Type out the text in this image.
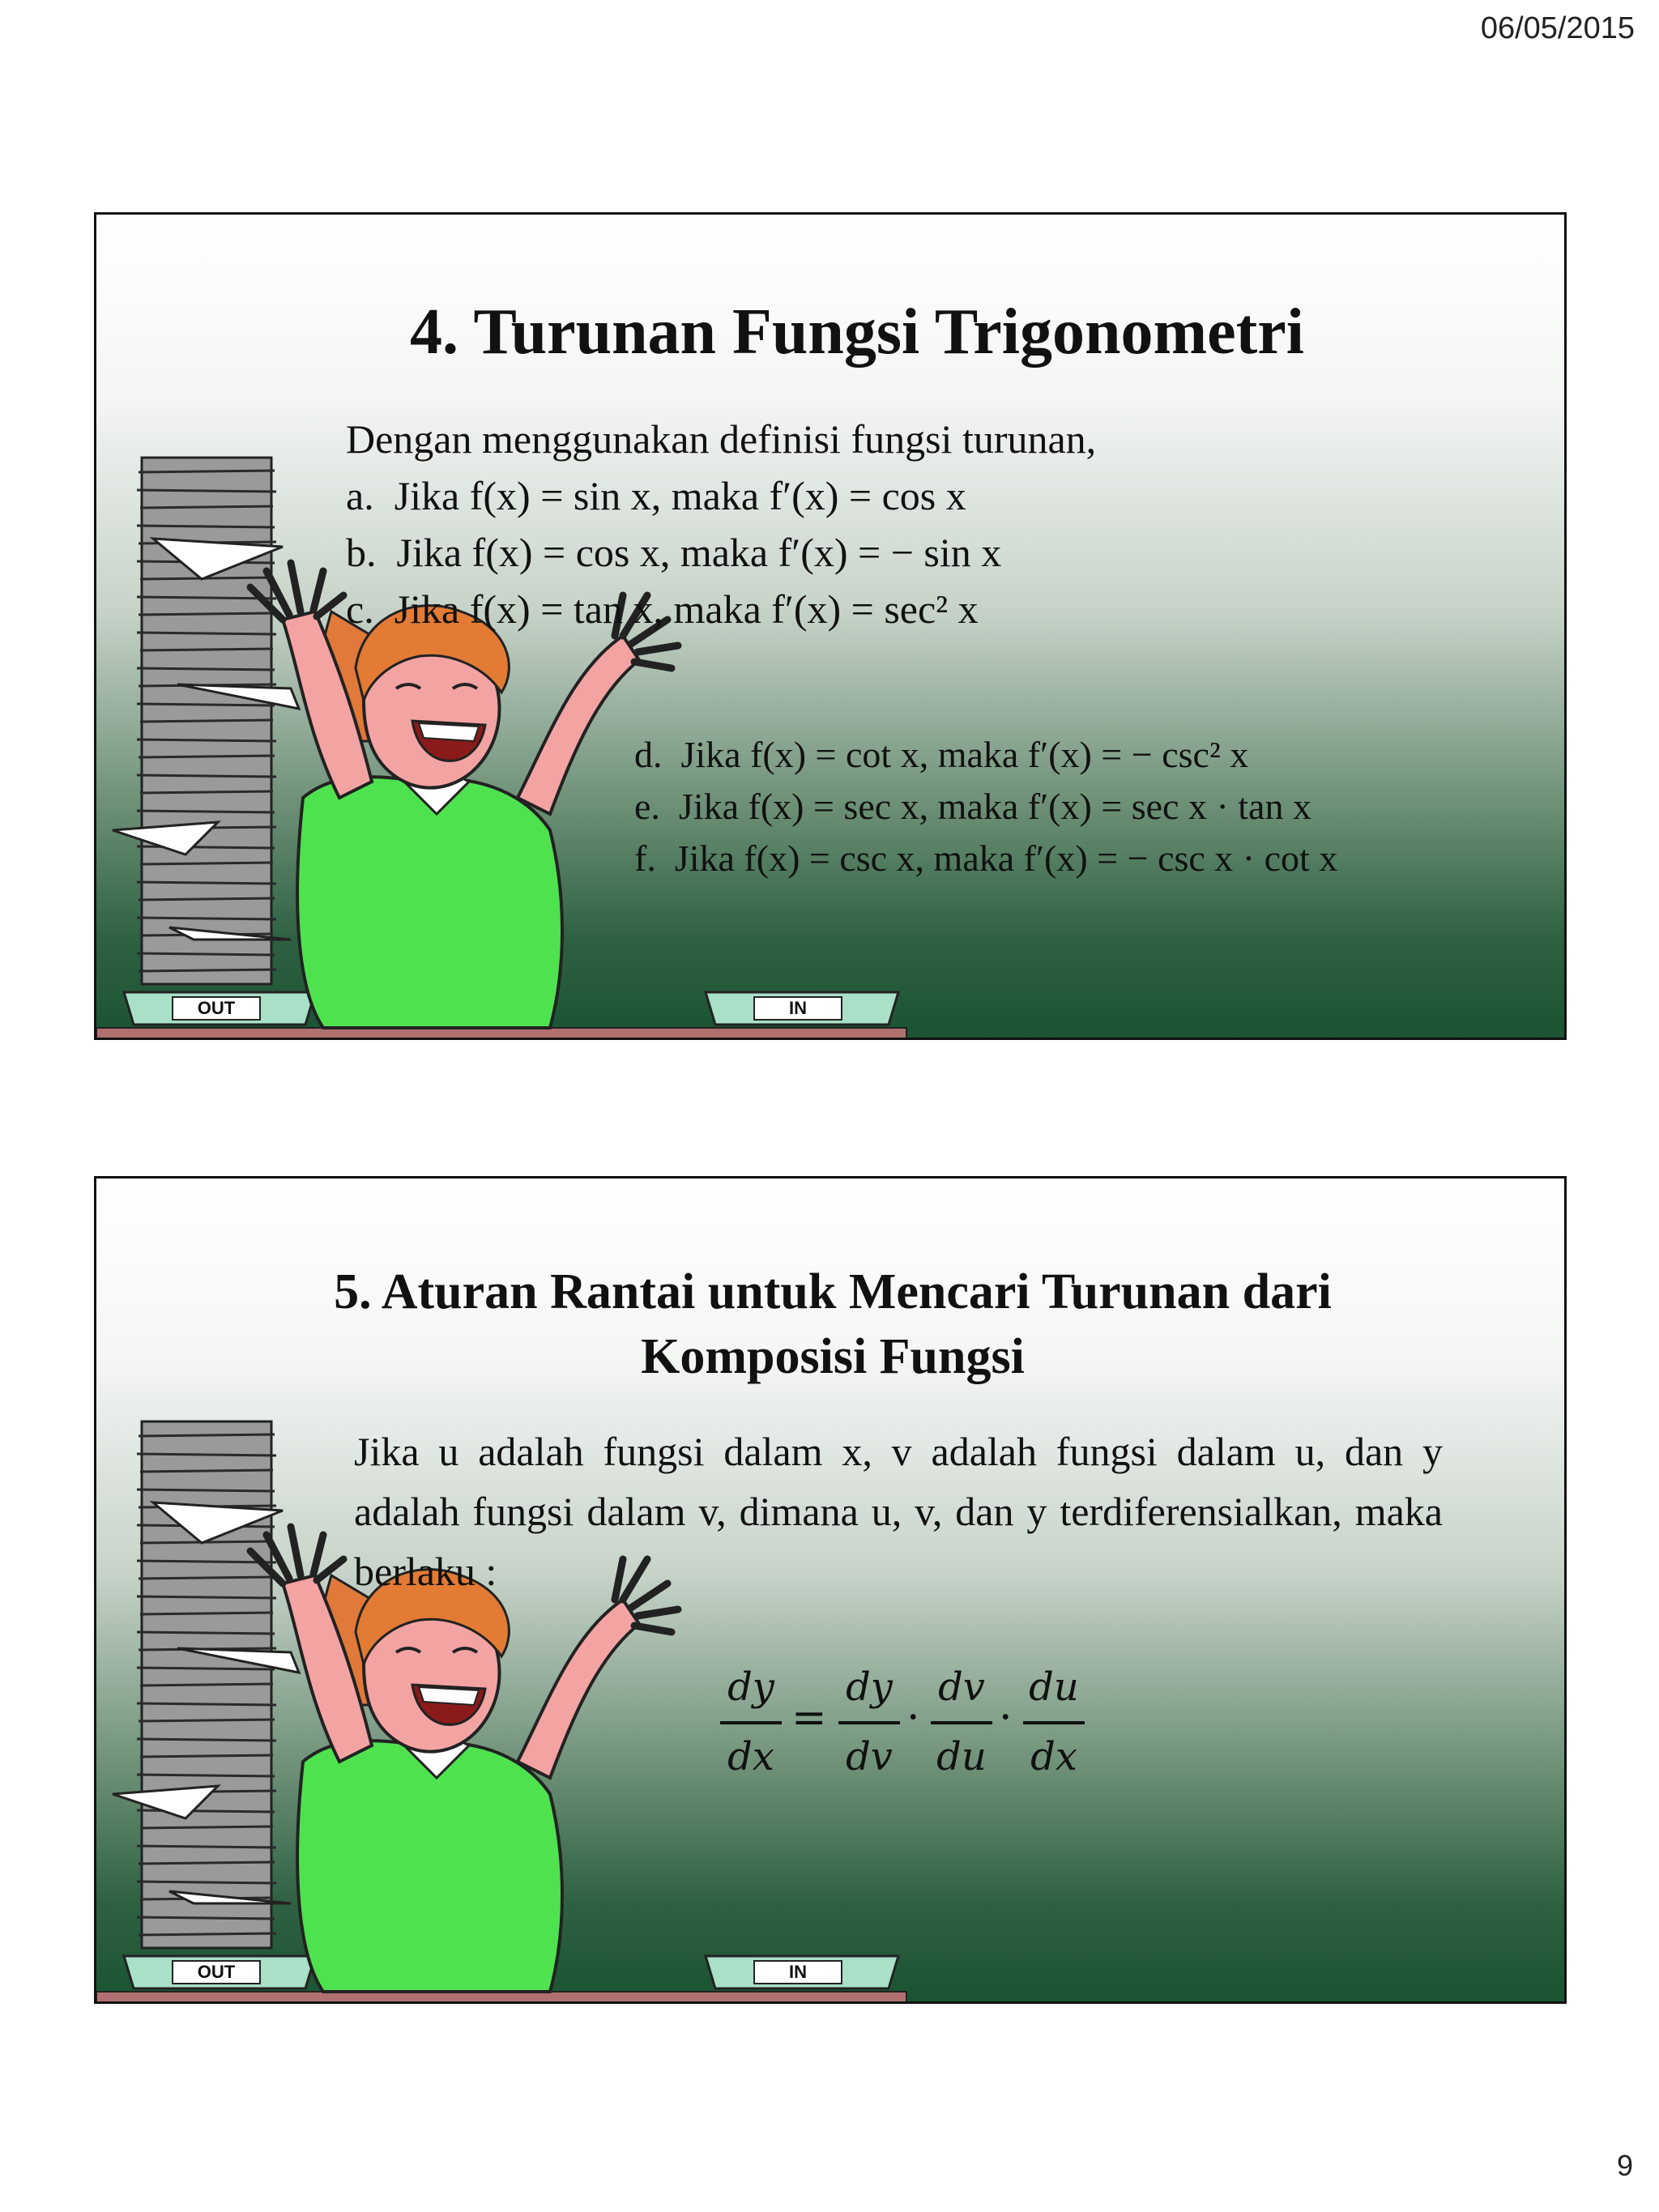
06/05/2015
4. Turunan Fungsi Trigonometri
Dengan menggunakan definisi fungsi turunan,
a. Jika f(x) = sin x, maka f′(x) = cos x
b. Jika f(x) = cos x, maka f′(x) = − sin x
c. Jika f(x) = tan x, maka f′(x) = sec² x
d. Jika f(x) = cot x, maka f′(x) = − csc² x
e. Jika f(x) = sec x, maka f′(x) = sec x · tan x
f. Jika f(x) = csc x, maka f′(x) = − csc x · cot x
OUT	IN
5. Aturan Rantai untuk Mencari Turunan dari
Komposisi Fungsi
Jika u adalah fungsi dalam x, v adalah fungsi dalam u, dan y adalah fungsi dalam v, dimana u, v, dan y terdiferensialkan, maka berlaku :
dy
dx
=
dy
dv
·
dv
du
·
du
dx
OUT	IN
9
